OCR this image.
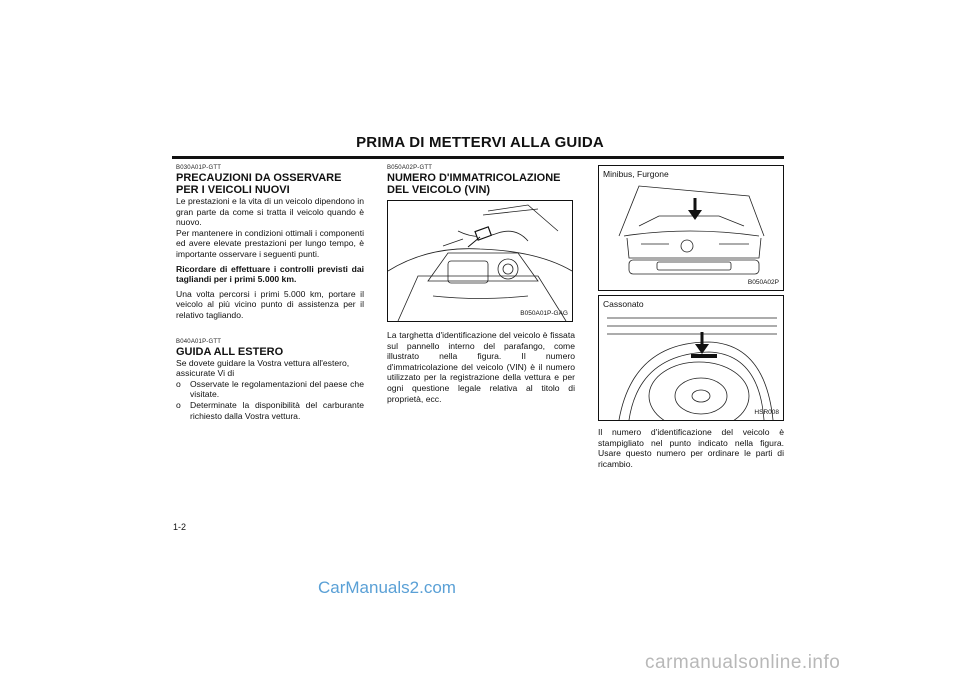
PRIMA DI METTERVI ALLA GUIDA
B030A01P-GTT
PRECAUZIONI DA OSSERVARE PER I VEICOLI NUOVI

Le prestazioni e la vita di un veicolo dipendono in gran parte da come si tratta il veicolo quando è nuovo.

Per mantenere in condizioni ottimali i componenti ed avere elevate prestazioni per lungo tempo, è importante osservare i seguenti punti.

Ricordare di effettuare i controlli previsti dai tagliandi per i primi 5.000 km.

Una volta percorsi i primi 5.000 km, portare il veicolo al più vicino punto di assistenza per il relativo tagliando.

B040A01P-GTT
GUIDA ALL ESTERO

Se dovete guidare la Vostra vettura all'estero, assicurate Vi di

o	Osservate le regolamentazioni del paese che visitate.
o	Determinate la disponibilità del carburante richiesto dalla Vostra vettura.
B050A02P-GTT
NUMERO D'IMMATRICOLAZIONE DEL VEICOLO (VIN)
B050A01P-GAG

La targhetta d'identificazione del veicolo è fissata sul pannello interno del parafango, come illustrato nella figura. Il numero d'immatricolazione del veicolo (VIN) è il numero utilizzato per la registrazione della vettura e per ogni questione legale relativa al titolo di proprietà, ecc.

Minibus, Furgone
B050A02P
Cassonato
HSR008

Il numero d'identificazione del veicolo è stampigliato nel punto indicato nella figura. Usare questo numero per ordinare le parti di ricambio.

1-2
CarManuals2.com
carmanualsonline.info
